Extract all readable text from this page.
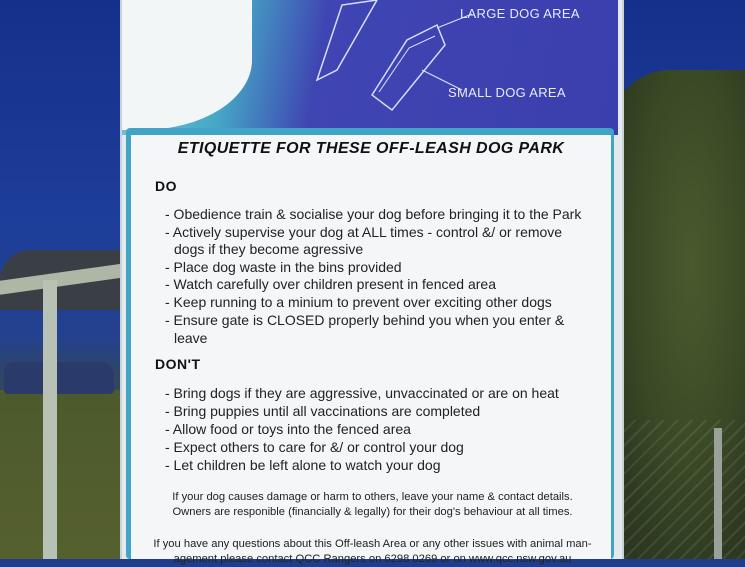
LARGE DOG AREA
SMALL DOG AREA
ETIQUETTE FOR THESE OFF-LEASH DOG PARK
DO
- Obedience train & socialise your dog before bringing it to the Park
- Actively supervise your dog at ALL times - control &/ or remove
dogs if they become agressive
- Place dog waste in the bins provided
- Watch carefully over children present in fenced area
- Keep running to a minium to prevent over exciting other dogs
- Ensure gate is CLOSED properly behind you when you enter &
leave
DON'T
- Bring dogs if they are aggressive, unvaccinated or are on heat
- Bring puppies until all vaccinations are completed
- Allow food or toys into the fenced area
- Expect others to care for &/ or control your dog
- Let children be left alone to watch your dog
If your dog causes damage or harm to others, leave your name & contact details.
Owners are responible (financially & legally) for their dog's behaviour at all times.
If you have any questions about this Off-leash Area or any other issues with animal man-
agement please contact QCC Rangers on 6298 0269 or on www.qcc.nsw.gov.au
